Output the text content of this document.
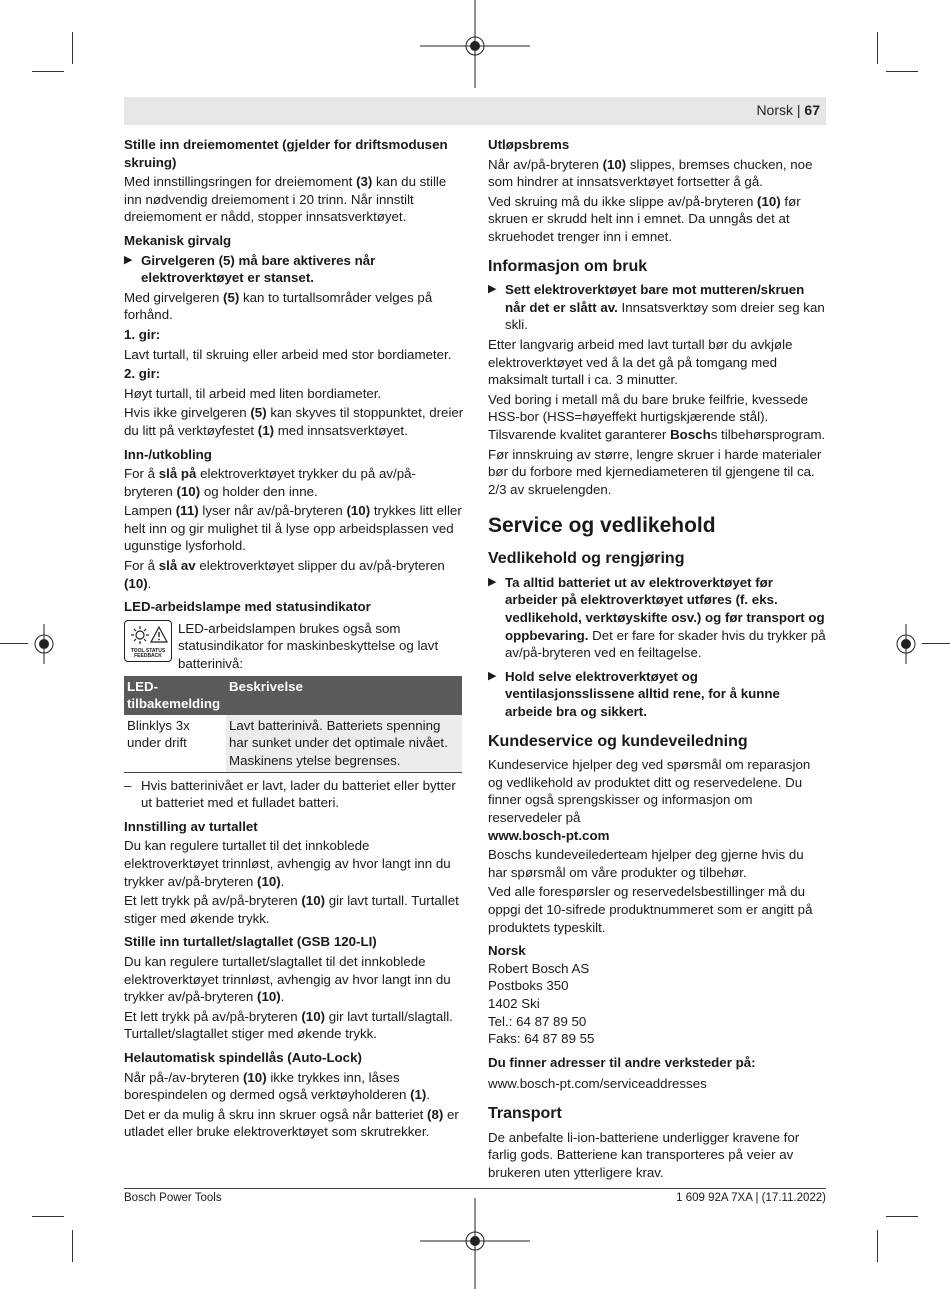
Norsk | 67
Stille inn dreiemomentet (gjelder for driftsmodusen skruing)

Med innstillingsringen for dreiemoment (3) kan du stille inn nødvendig dreiemoment i 20 trinn. Når innstilt dreiemoment er nådd, stopper innsatsverktøyet.

Mekanisk girvalg
▶ Girvelgeren (5) må bare aktiveres når elektroverktøyet er stanset.

Med girvelgeren (5) kan to turtallsområder velges på forhånd.

1. gir:

Lavt turtall, til skruing eller arbeid med stor bordiameter.

2. gir:

Høyt turtall, til arbeid med liten bordiameter.

Hvis ikke girvelgeren (5) kan skyves til stoppunktet, dreier du litt på verktøyfestet (1) med innsatsverktøyet.

Inn-/utkobling

For å slå på elektroverktøyet trykker du på av/på-bryteren (10) og holder den inne.

Lampen (11) lyser når av/på-bryteren (10) trykkes litt eller helt inn og gir mulighet til å lyse opp arbeidsplassen ved ugunstige lysforhold.

For å slå av elektroverktøyet slipper du av/på-bryteren (10).

LED-arbeidslampe med statusindikator
TOOL STATUS FEEDBACK
LED-arbeidslampen brukes også som statusindikator for maskinbeskyttelse og lavt batterinivå:
LED-tilbakemelding	Beskrivelse
Blinklys 3x under drift	Lavt batterinivå. Batteriets spenning har sunket under det optimale nivået. Maskinens ytelse begrenses.
– Hvis batterinivået er lavt, lader du batteriet eller bytter ut batteriet med et fulladet batteri.
Innstilling av turtallet

Du kan regulere turtallet til det innkoblede elektroverktøyet trinnløst, avhengig av hvor langt inn du trykker av/på-bryteren (10).

Et lett trykk på av/på-bryteren (10) gir lavt turtall. Turtallet stiger med økende trykk.

Stille inn turtallet/slagtallet (GSB 120-LI)

Du kan regulere turtallet/slagtallet til det innkoblede elektroverktøyet trinnløst, avhengig av hvor langt inn du trykker av/på-bryteren (10).

Et lett trykk på av/på-bryteren (10) gir lavt turtall/slagtall. Turtallet/slagtallet stiger med økende trykk.

Helautomatisk spindellås (Auto-Lock)

Når på-/av-bryteren (10) ikke trykkes inn, låses borespindelen og dermed også verktøyholderen (1).

Det er da mulig å skru inn skruer også når batteriet (8) er utladet eller bruke elektroverktøyet som skrutrekker.

Utløpsbrems

Når av/på-bryteren (10) slippes, bremses chucken, noe som hindrer at innsatsverktøyet fortsetter å gå.

Ved skruing må du ikke slippe av/på-bryteren (10) før skruen er skrudd helt inn i emnet. Da unngås det at skruehodet trenger inn i emnet.

Informasjon om bruk
▶ Sett elektroverktøyet bare mot mutteren/skruen når det er slått av. Innsatsverktøy som dreier seg kan skli.

Etter langvarig arbeid med lavt turtall bør du avkjøle elektroverktøyet ved å la det gå på tomgang med maksimalt turtall i ca. 3 minutter.

Ved boring i metall må du bare bruke feilfrie, kvessede HSS-bor (HSS=høyeffekt hurtigskjærende stål). Tilsvarende kvalitet garanterer Boschs tilbehørsprogram.

Før innskruing av større, lengre skruer i harde materialer bør du forbore med kjernediameteren til gjengene til ca. 2/3 av skruelengden.

Service og vedlikehold
Vedlikehold og rengjøring
▶ Ta alltid batteriet ut av elektroverktøyet før arbeider på elektroverktøyet utføres (f. eks. vedlikehold, verktøyskifte osv.) og før transport og oppbevaring. Det er fare for skader hvis du trykker på av/på-bryteren ved en feiltagelse.
▶ Hold selve elektroverktøyet og ventilasjonsslissene alltid rene, for å kunne arbeide bra og sikkert.
Kundeservice og kundeveiledning

Kundeservice hjelper deg ved spørsmål om reparasjon og vedlikehold av produktet ditt og reservedelene. Du finner også sprengskisser og informasjon om reservedeler på

www.bosch-pt.com

Boschs kundeveilederteam hjelper deg gjerne hvis du har spørsmål om våre produkter og tilbehør.

Ved alle forespørsler og reservedelsbestillinger må du oppgi det 10-sifrede produktnummeret som er angitt på produktets typeskilt.

Norsk

Robert Bosch AS

Postboks 350

1402 Ski

Tel.: 64 87 89 50

Faks: 64 87 89 55

Du finner adresser til andre verksteder på:

www.bosch-pt.com/serviceaddresses

Transport

De anbefalte li-ion-batteriene underligger kravene for farlig gods. Batteriene kan transporteres på veier av brukeren uten ytterligere krav.

Bosch Power Tools	1 609 92A 7XA | (17.11.2022)
